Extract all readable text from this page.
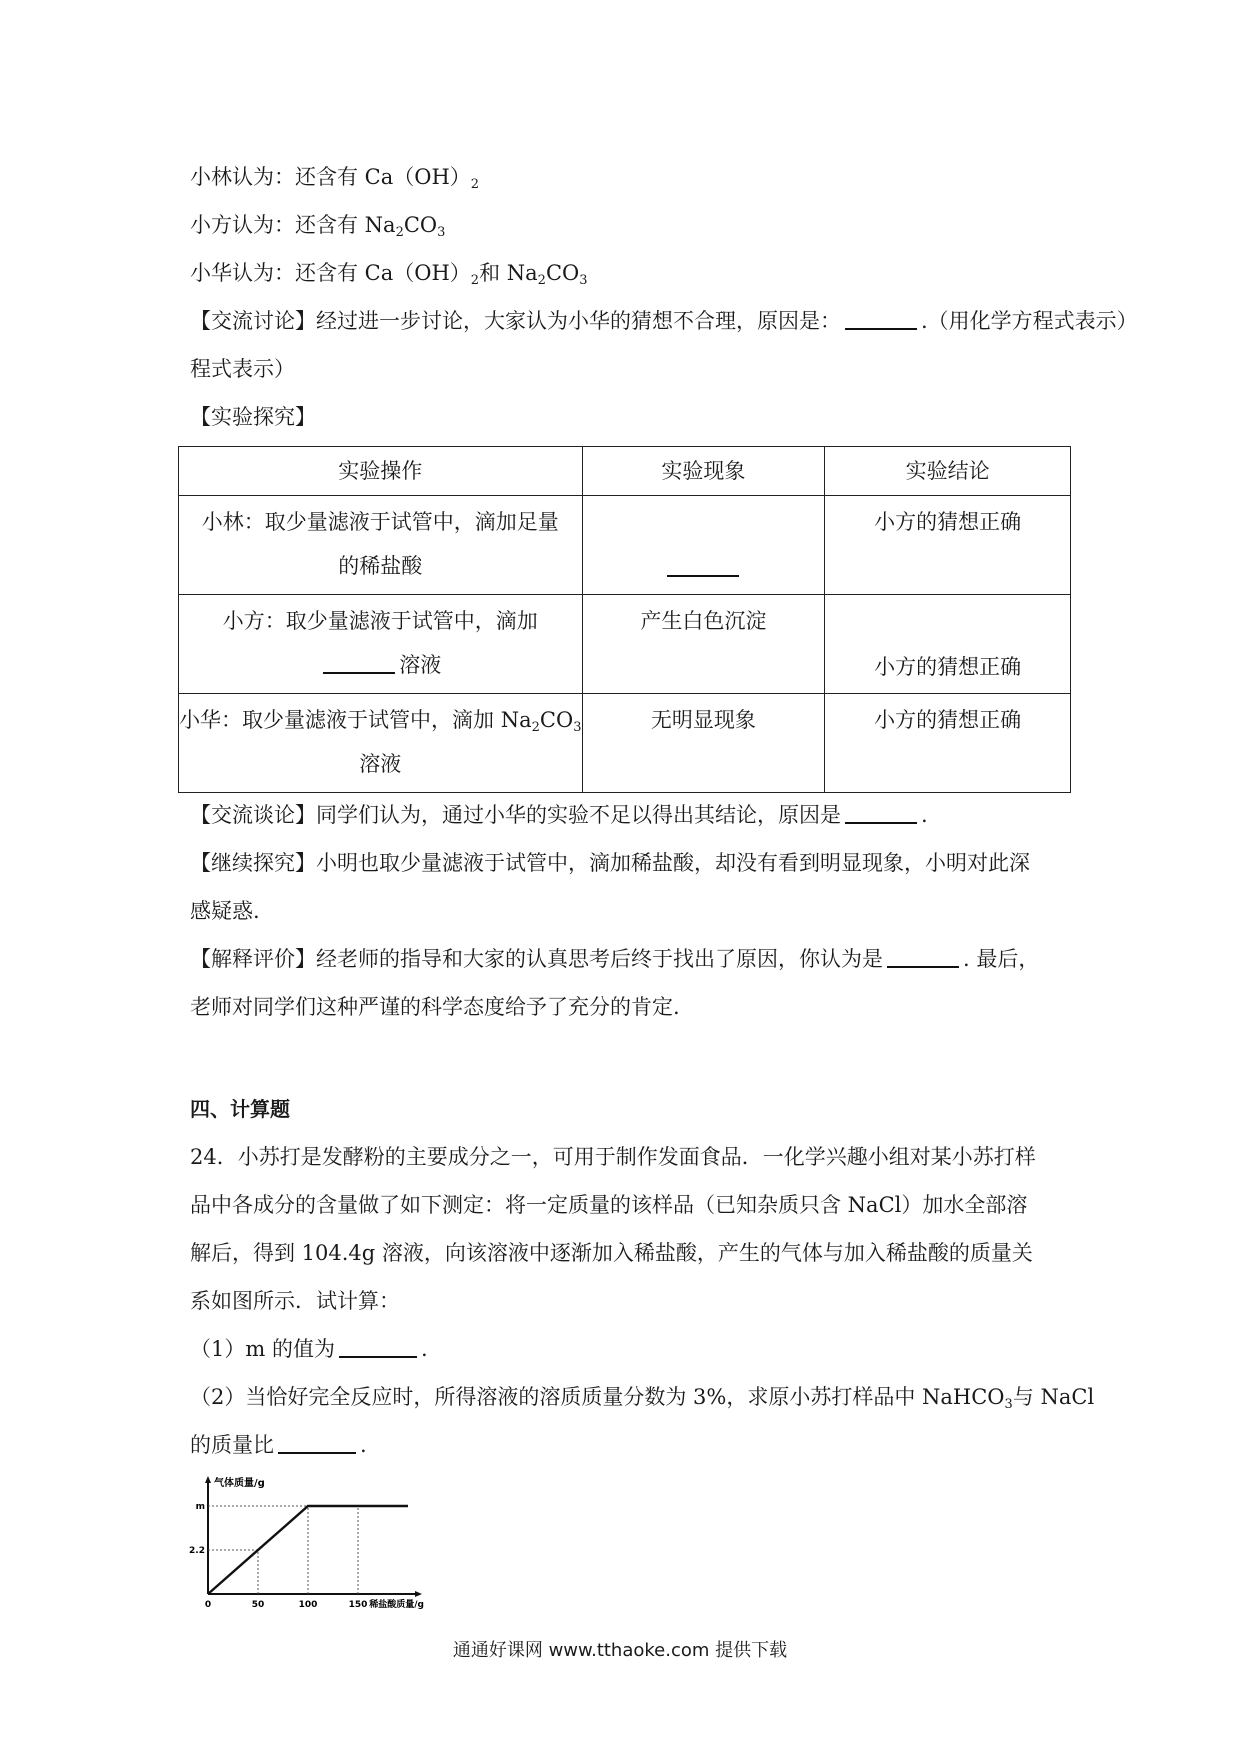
小林认为：还含有 $Ca(OH)_2$
小方认为：还含有 $Na_2CO_3$
小华认为：还含有 $Ca(OH)_2$和 $Na_2CO_3$
【交流讨论】经过进一步讨论，大家认为小华的猜想不合理，原因是：	.（用化学方程式表示）
程式表示）
【实验探究】
实验操作	实验现象	实验结论

小林：取少量滤液于试管中，滴加足量
的稀盐酸		小方的猜想正确

小方：取少量滤液于试管中，滴加
溶液	产生白色沉淀	小方的猜想正确

小华：取少量滤液于试管中，滴加 $Na_2CO_3$
溶液	无明显现象	小方的猜想正确
【交流谈论】同学们认为，通过小华的实验不足以得出其结论，原因是	.
【继续探究】小明也取少量滤液于试管中，滴加稀盐酸，却没有看到明显现象，小明对此深
感疑惑.
【解释评价】经老师的指导和大家的认真思考后终于找出了原因，你认为是	. 最后，
老师对同学们这种严谨的科学态度给予了充分的肯定.
四、计算题
24．小苏打是发酵粉的主要成分之一，可用于制作发面食品．一化学兴趣小组对某小苏打样
品中各成分的含量做了如下测定：将一定质量的该样品（已知杂质只含 NaCl）加水全部溶
解后，得到 104.4g 溶液，向该溶液中逐渐加入稀盐酸，产生的气体与加入稀盐酸的质量关
系如图所示．试计算：
（1）m 的值为	.
（2）当恰好完全反应时，所得溶液的溶质质量分数为 3%，求原小苏打样品中 NaHCO$_3$与 NaCl
的质量比	.
0	50	100	150
2.2
m
气体质量/g
稀盐酸质量/g
通通好课网 www.tthaoke.com 提供下载
